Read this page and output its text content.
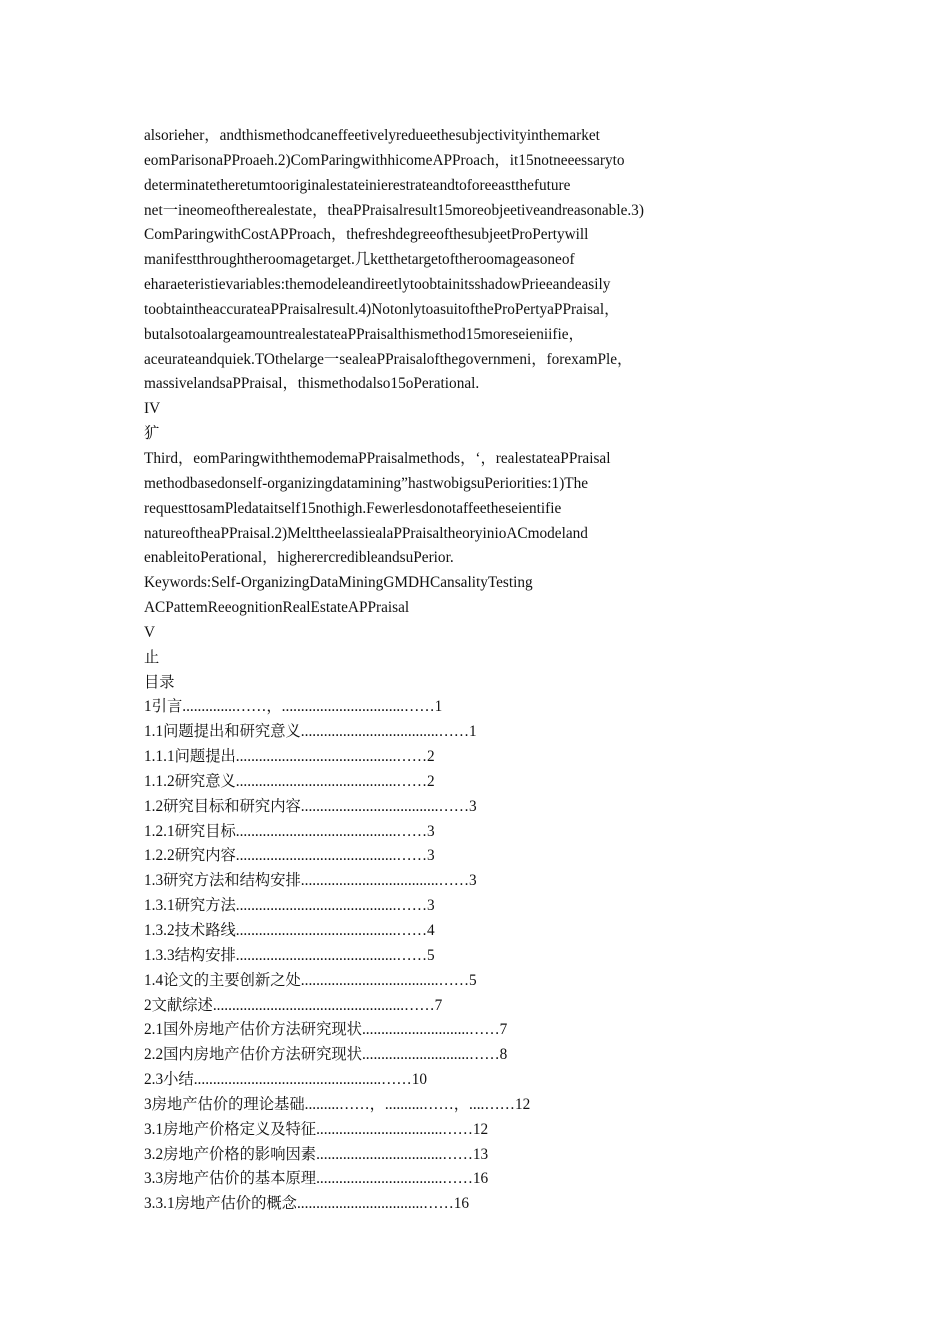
alsorieher，andthismethodcaneffeetivelyredueethesubjectivityinthemarket

eomParisonaPProaeh.2)ComParingwithhicomeAPProach，it15notneeessaryto

determinatetheretumtooriginalestateinierestrateandtoforeeastthefuture

net一ineomeoftherealestate，theaPPraisalresult15moreobjeetiveandreasonable.3)

ComParingwithCostAPProach，thefreshdegreeofthesubjeetProPertywill

manifestthroughtheroomagetarget.几ketthetargetoftheroomageasoneof

eharaeteristievariables:themodeleandireetlytoobtainitsshadowPrieeandeasily

toobtaintheaccurateaPPraisalresult.4)NotonlytoasuitoftheProPertyaPPraisal，

butalsotoalargeamountrealestateaPPraisalthismethod15moreseieniifie，

aceurateandquiek.TOthelarge一sealeaPPraisalofthegovernmeni，forexamPle，

massivelandsaPPraisal，thismethodalso15oPerational.

IV

犷

Third，eomParingwiththemodemaPPraisalmethods，‘，realestateaPPraisal

methodbasedonself-organizingdatamining”hastwobigsuPeriorities:1)The

requesttosamPledataitself15nothigh.Fewerlesdonotaffeetheseientifie

natureoftheaPPraisal.2)MelttheelassiealaPPraisaltheoryinioACmodeland

enableitoPerational，higherercredibleandsuPerior.

Keywords:Self-OrganizingDataMiningGMDHCansalityTesting

ACPattemReeognitionRealEstateAPPraisal

V

止

目录

1引言..............……，................................……1

1.1问题提出和研究意义....................................……1

1.1.1问题提出..........................................……2

1.1.2研究意义..........................................……2

1.2研究目标和研究内容....................................……3

1.2.1研究目标..........................................……3

1.2.2研究内容..........................................……3

1.3研究方法和结构安排....................................……3

1.3.1研究方法..........................................……3

1.3.2技术路线..........................................……4

1.3.3结构安排..........................................……5

1.4论文的主要创新之处....................................……5

2文献综述..................................................……7

2.1国外房地产估价方法研究现状............................……7

2.2国内房地产估价方法研究现状............................……8

2.3小结.................................................……10

3房地产估价的理论基础.........……，..........……，....……12

3.1房地产价格定义及特征.................................……12

3.2房地产价格的影响因素.................................……13

3.3房地产估价的基本原理.................................……16

3.3.1房地产估价的概念.................................……16
